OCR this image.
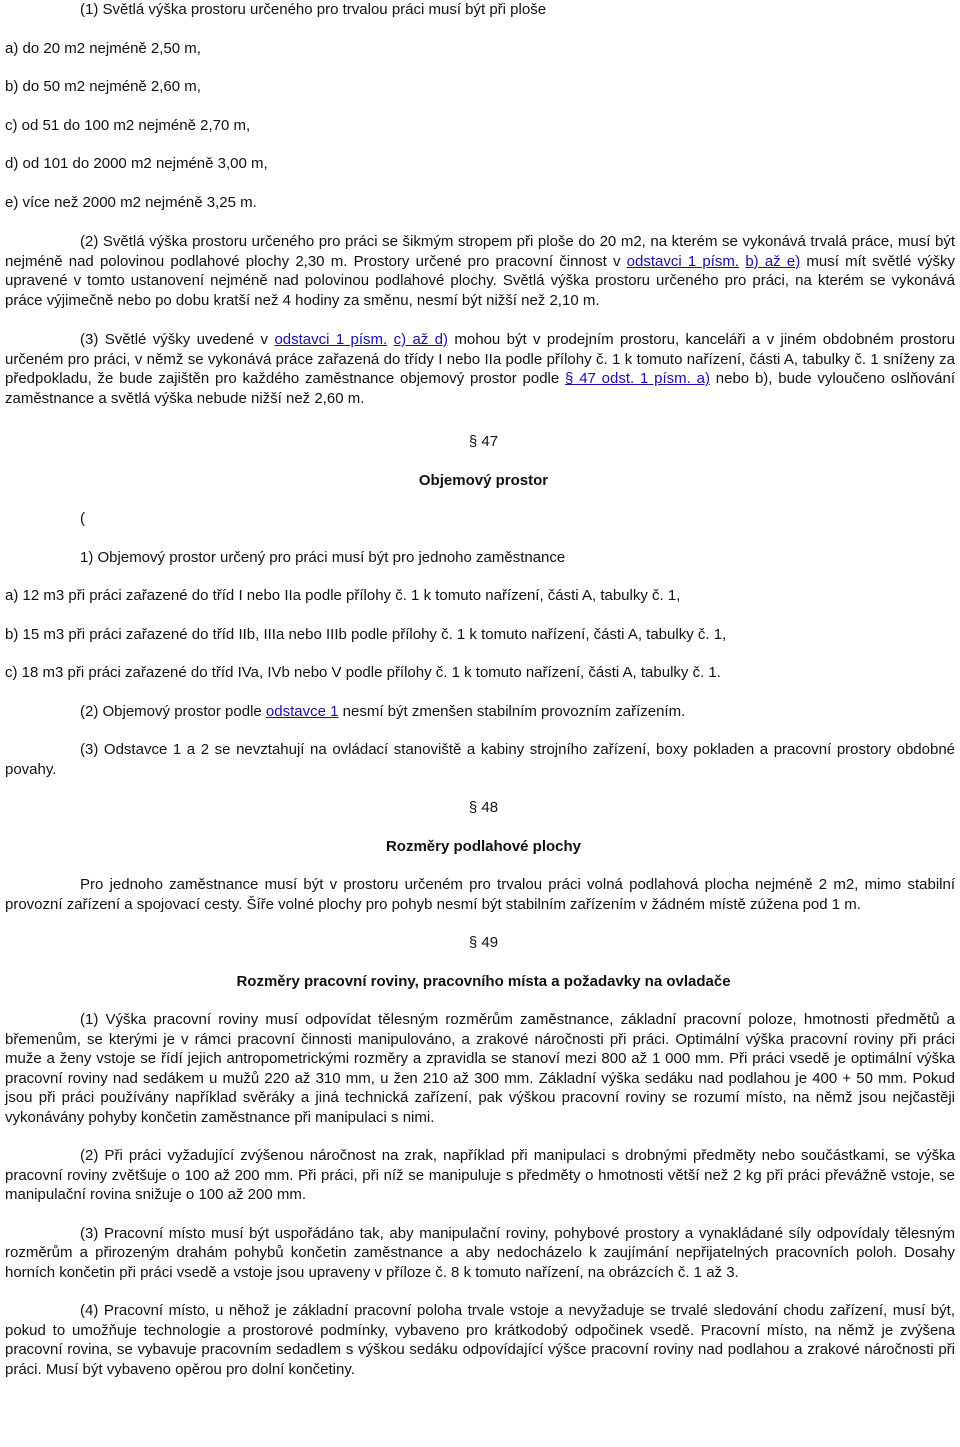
(1) Světlá výška prostoru určeného pro trvalou práci musí být při ploše

a) do 20 m2 nejméně 2,50 m,

b) do 50 m2 nejméně 2,60 m,

c) od 51 do 100 m2 nejméně 2,70 m,

d) od 101 do 2000 m2 nejméně 3,00 m,

e) více než 2000 m2 nejméně 3,25 m.

(2) Světlá výška prostoru určeného pro práci se šikmým stropem při ploše do 20 m2, na kterém se vykonává trvalá práce, musí být nejméně nad polovinou podlahové plochy 2,30 m. Prostory určené pro pracovní činnost v odstavci 1 písm. b) až e) musí mít světlé výšky upravené v tomto ustanovení nejméně nad polovinou podlahové plochy. Světlá výška prostoru určeného pro práci, na kterém se vykonává práce výjimečně nebo po dobu kratší než 4 hodiny za směnu, nesmí být nižší než 2,10 m.

(3) Světlé výšky uvedené v odstavci 1 písm. c) až d) mohou být v prodejním prostoru, kanceláři a v jiném obdobném prostoru určeném pro práci, v němž se vykonává práce zařazená do třídy I nebo IIa podle přílohy č. 1 k tomuto nařízení, části A, tabulky č. 1 sníženy za předpokladu, že bude zajištěn pro každého zaměstnance objemový prostor podle § 47 odst. 1 písm. a) nebo b), bude vyloučeno oslňování zaměstnance a světlá výška nebude nižší než 2,60 m.

§ 47

Objemový prostor

(

1) Objemový prostor určený pro práci musí být pro jednoho zaměstnance

a) 12 m3 při práci zařazené do tříd I nebo IIa podle přílohy č. 1 k tomuto nařízení, části A, tabulky č. 1,

b) 15 m3 při práci zařazené do tříd IIb, IIIa nebo IIIb podle přílohy č. 1 k tomuto nařízení, části A, tabulky č. 1,

c) 18 m3 při práci zařazené do tříd IVa, IVb nebo V podle přílohy č. 1 k tomuto nařízení, části A, tabulky č. 1.

(2) Objemový prostor podle odstavce 1 nesmí být zmenšen stabilním provozním zařízením.

(3) Odstavce 1 a 2 se nevztahují na ovládací stanoviště a kabiny strojního zařízení, boxy pokladen a pracovní prostory obdobné povahy.

§ 48

Rozměry podlahové plochy

Pro jednoho zaměstnance musí být v prostoru určeném pro trvalou práci volná podlahová plocha nejméně 2 m2, mimo stabilní provozní zařízení a spojovací cesty. Šíře volné plochy pro pohyb nesmí být stabilním zařízením v žádném místě zúžena pod 1 m.

§ 49

Rozměry pracovní roviny, pracovního místa a požadavky na ovladače

(1) Výška pracovní roviny musí odpovídat tělesným rozměrům zaměstnance, základní pracovní poloze, hmotnosti předmětů a břemenům, se kterými je v rámci pracovní činnosti manipulováno, a zrakové náročnosti při práci. Optimální výška pracovní roviny při práci muže a ženy vstoje se řídí jejich antropometrickými rozměry a zpravidla se stanoví mezi 800 až 1 000 mm. Při práci vsedě je optimální výška pracovní roviny nad sedákem u mužů 220 až 310 mm, u žen 210 až 300 mm. Základní výška sedáku nad podlahou je 400 + 50 mm. Pokud jsou při práci používány například svěráky a jiná technická zařízení, pak výškou pracovní roviny se rozumí místo, na němž jsou nejčastěji vykonávány pohyby končetin zaměstnance při manipulaci s nimi.

(2) Při práci vyžadující zvýšenou náročnost na zrak, například při manipulaci s drobnými předměty nebo součástkami, se výška pracovní roviny zvětšuje o 100 až 200 mm. Při práci, při níž se manipuluje s předměty o hmotnosti větší než 2 kg při práci převážně vstoje, se manipulační rovina snižuje o 100 až 200 mm.

(3) Pracovní místo musí být uspořádáno tak, aby manipulační roviny, pohybové prostory a vynakládané síly odpovídaly tělesným rozměrům a přirozeným drahám pohybů končetin zaměstnance a aby nedocházelo k zaujímání nepřijatelných pracovních poloh. Dosahy horních končetin při práci vsedě a vstoje jsou upraveny v příloze č. 8 k tomuto nařízení, na obrázcích č. 1 až 3.

(4) Pracovní místo, u něhož je základní pracovní poloha trvale vstoje a nevyžaduje se trvalé sledování chodu zařízení, musí být, pokud to umožňuje technologie a prostorové podmínky, vybaveno pro krátkodobý odpočinek vsedě. Pracovní místo, na němž je zvýšena pracovní rovina, se vybavuje pracovním sedadlem s výškou sedáku odpovídající výšce pracovní roviny nad podlahou a zrakové náročnosti při práci. Musí být vybaveno opěrou pro dolní končetiny.
